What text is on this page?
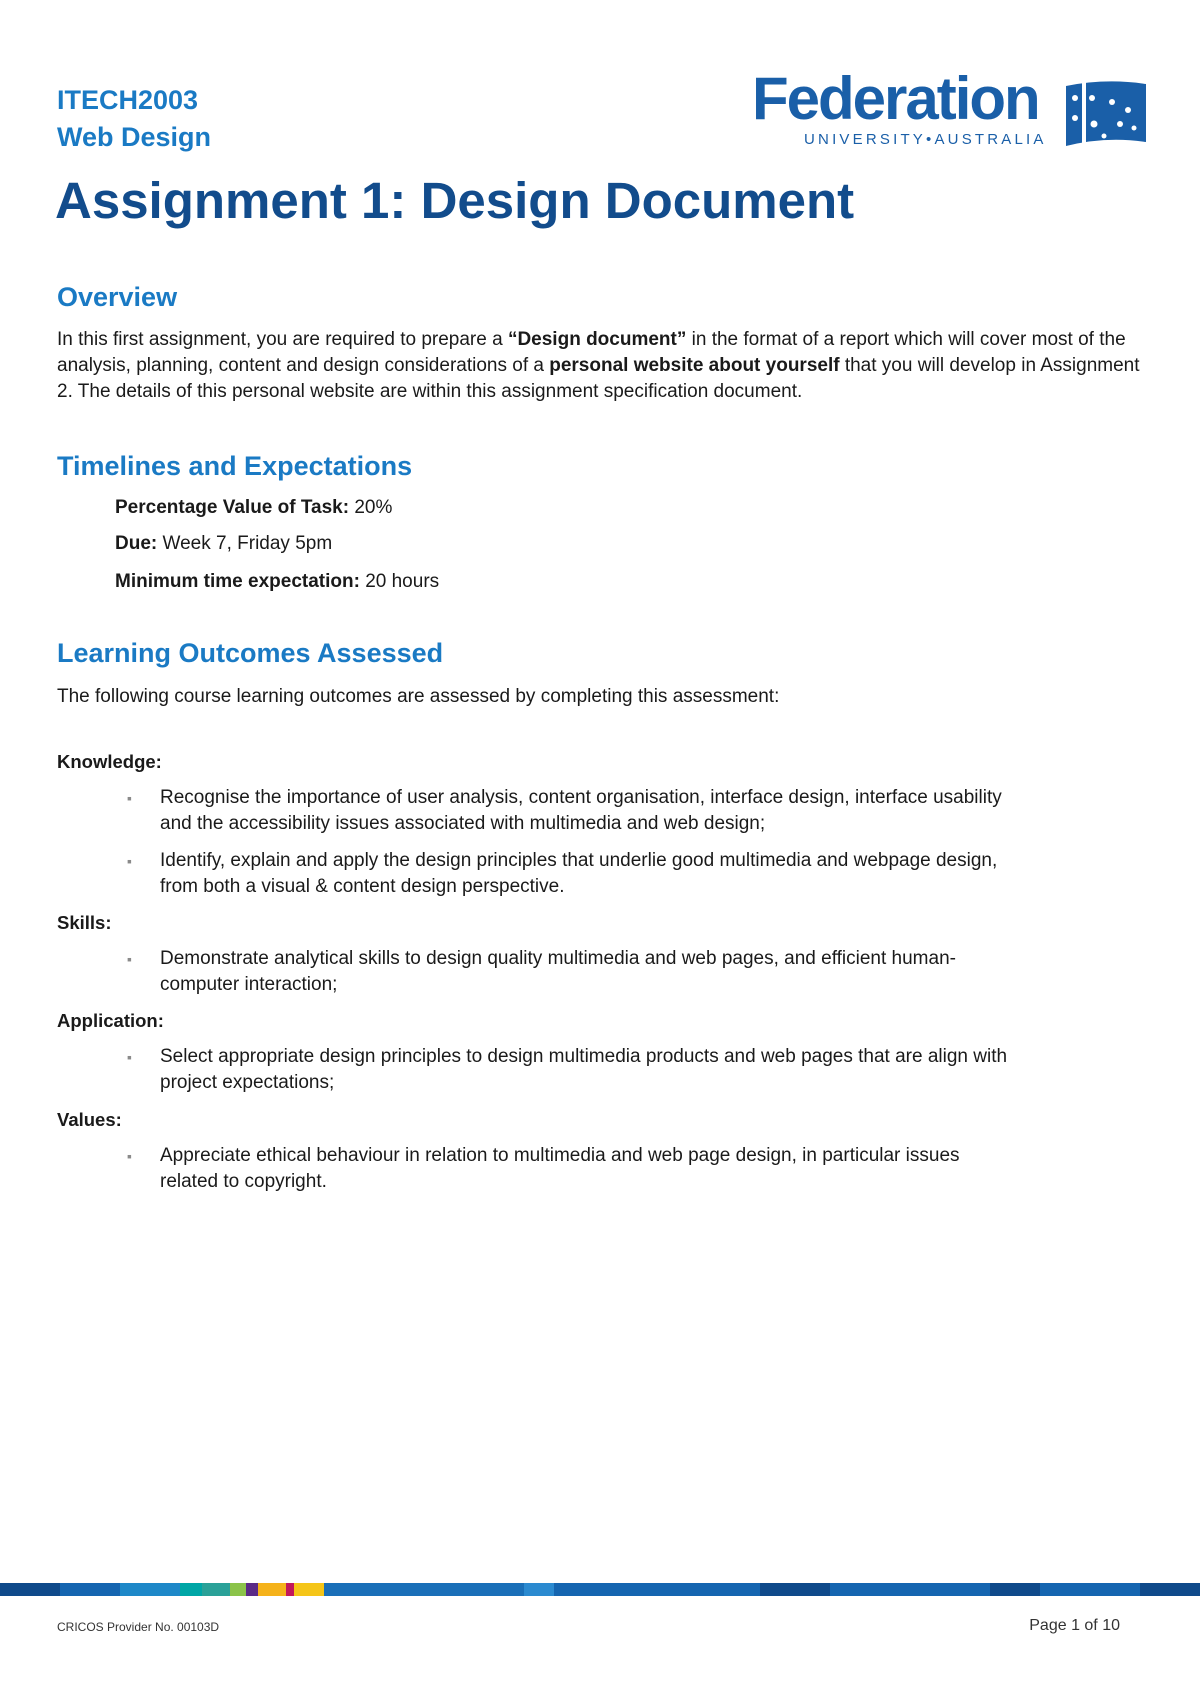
ITECH2003
Web Design
Federation
UNIVERSITY•AUSTRALIA
Assignment 1: Design Document
Overview

In this first assignment, you are required to prepare a “Design document” in the format of a report which will cover most of the analysis, planning, content and design considerations of a personal website about yourself that you will develop in Assignment 2. The details of this personal website are within this assignment specification document.

Timelines and Expectations
Percentage Value of Task: 20%
Due: Week 7, Friday 5pm
Minimum time expectation: 20 hours
Learning Outcomes Assessed
The following course learning outcomes are assessed by completing this assessment:
Knowledge:
▪ Recognise the importance of user analysis, content organisation, interface design, interface usability and the accessibility issues associated with multimedia and web design;
▪ Identify, explain and apply the design principles that underlie good multimedia and webpage design, from both a visual & content design perspective.
Skills:
▪ Demonstrate analytical skills to design quality multimedia and web pages, and efficient human-computer interaction;
Application:
▪ Select appropriate design principles to design multimedia products and web pages that are align with project expectations;
Values:
▪ Appreciate ethical behaviour in relation to multimedia and web page design, in particular issues related to copyright.
CRICOS Provider No. 00103D	Page 1 of 10
